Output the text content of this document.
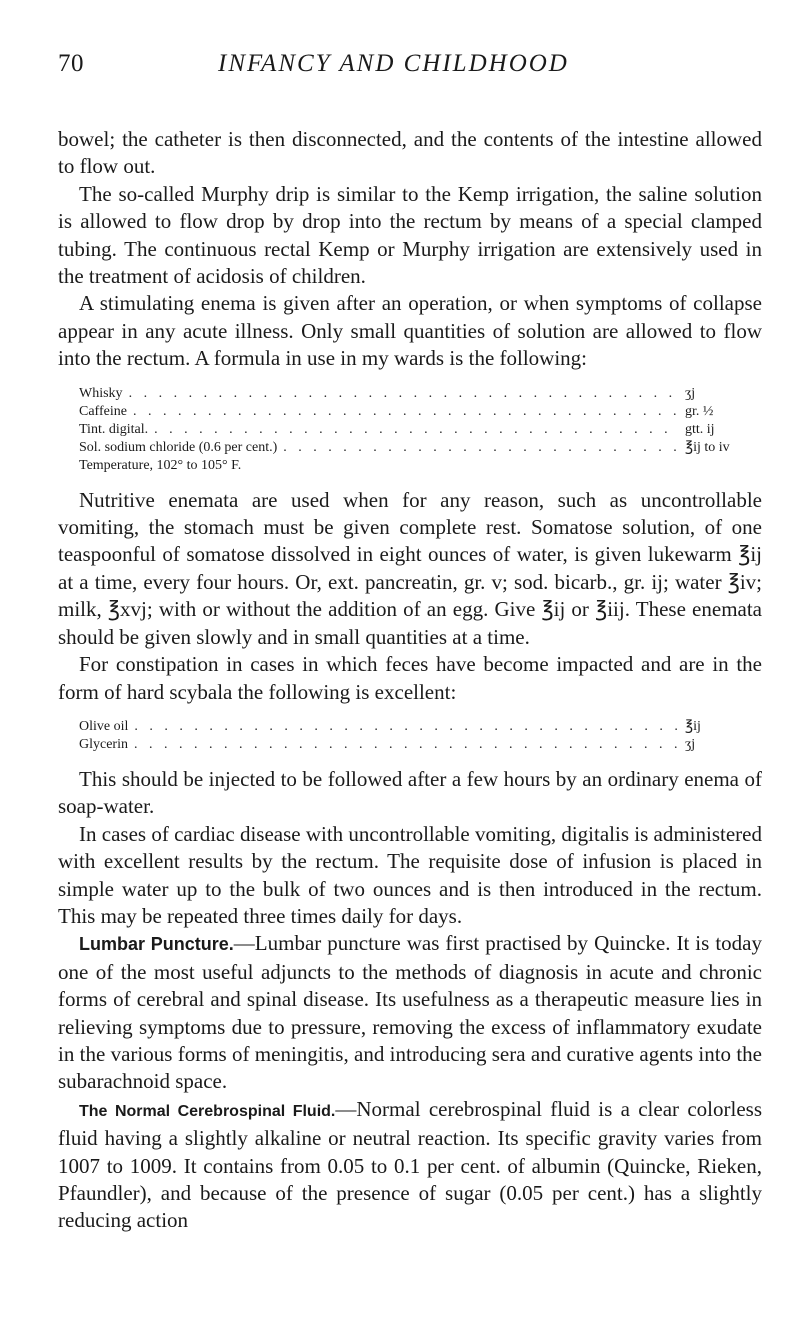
70	INFANCY AND CHILDHOOD

bowel; the catheter is then disconnected, and the contents of the intestine allowed to flow out.

The so-called Murphy drip is similar to the Kemp irrigation, the saline solution is allowed to flow drop by drop into the rectum by means of a special clamped tubing. The continuous rectal Kemp or Murphy irrigation are extensively used in the treatment of acidosis of children.

A stimulating enema is given after an operation, or when symptoms of collapse appear in any acute illness. Only small quantities of solution are allowed to flow into the rectum. A formula in use in my wards is the following:

Whisky . . .	ʒj
Caffeine . . .	gr. ½
Tint. digital. . . .	gtt. ij
Sol. sodium chloride (0.6 per cent.) . . .	℥ij to iv
Temperature, 102° to 105° F.

Nutritive enemata are used when for any reason, such as uncontrollable vomiting, the stomach must be given complete rest. Somatose solution, of one teaspoonful of somatose dissolved in eight ounces of water, is given lukewarm ℥ij at a time, every four hours. Or, ext. pancreatin, gr. v; sod. bicarb., gr. ij; water ℥iv; milk, ℥xvj; with or without the addition of an egg. Give ℥ij or ℥iij. These enemata should be given slowly and in small quantities at a time.

For constipation in cases in which feces have become impacted and are in the form of hard scybala the following is excellent:

Olive oil . . .	℥ij
Glycerin . . .	ʒj

This should be injected to be followed after a few hours by an ordinary enema of soap-water.

In cases of cardiac disease with uncontrollable vomiting, digitalis is administered with excellent results by the rectum. The requisite dose of infusion is placed in simple water up to the bulk of two ounces and is then introduced in the rectum. This may be repeated three times daily for days.

Lumbar Puncture.—Lumbar puncture was first practised by Quincke. It is today one of the most useful adjuncts to the methods of diagnosis in acute and chronic forms of cerebral and spinal disease. Its usefulness as a therapeutic measure lies in relieving symptoms due to pressure, removing the excess of inflammatory exudate in the various forms of meningitis, and introducing sera and curative agents into the subarachnoid space.

The Normal Cerebrospinal Fluid.—Normal cerebrospinal fluid is a clear colorless fluid having a slightly alkaline or neutral reaction. Its specific gravity varies from 1007 to 1009. It contains from 0.05 to 0.1 per cent. of albumin (Quincke, Rieken, Pfaundler), and because of the presence of sugar (0.05 per cent.) has a slightly reducing action
